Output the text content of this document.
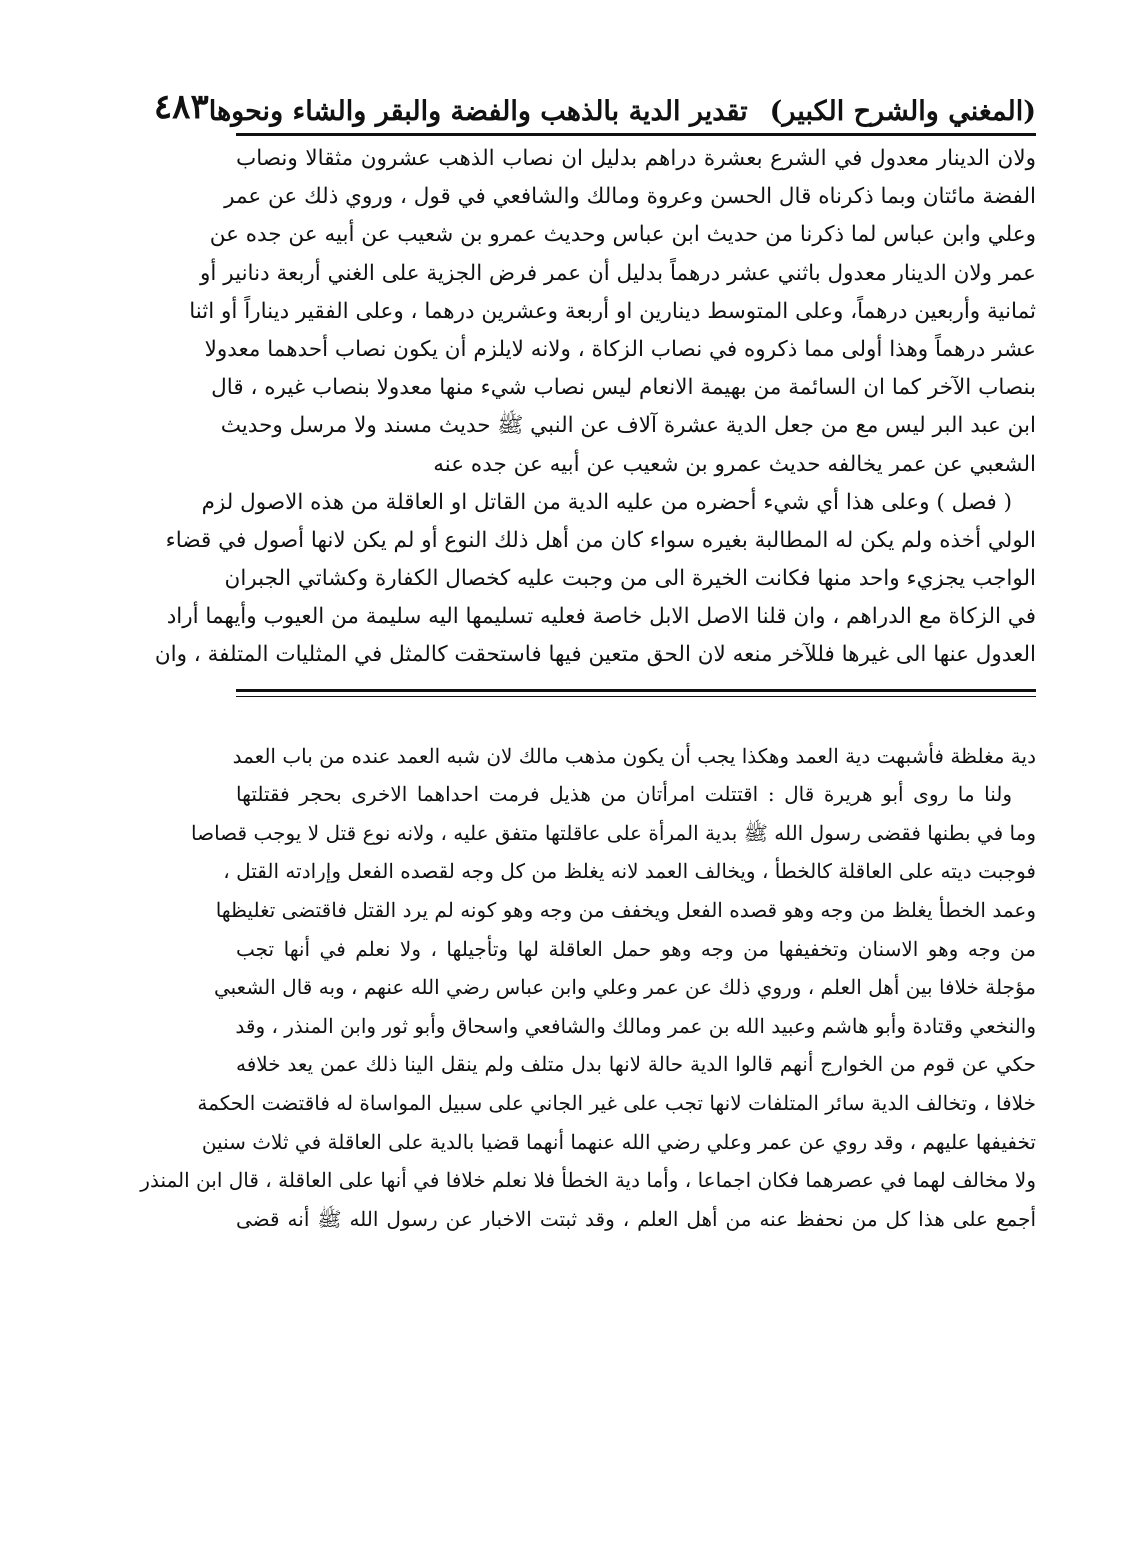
(المغني والشرح الكبير)
تقدير الدية بالذهب والفضة والبقر والشاء ونحوها
٤٨٣
ولان الدينار معدول في الشرع بعشرة دراهم بدليل ان نصاب الذهب عشرون مثقالا ونصاب
الفضة مائتان وبما ذكرناه قال الحسن وعروة ومالك والشافعي في قول ، وروي ذلك عن عمر
وعلي وابن عباس لما ذكرنا من حديث ابن عباس وحديث عمرو بن شعيب عن أبيه عن جده عن
عمر ولان الدينار معدول باثني عشر درهماً بدليل أن عمر فرض الجزية على الغني أربعة دنانير أو
ثمانية وأربعين درهماً، وعلى المتوسط دينارين او أربعة وعشرين درهما ، وعلى الفقير ديناراً أو اثنا
عشر درهماً وهذا أولى مما ذكروه في نصاب الزكاة ، ولانه لايلزم أن يكون نصاب أحدهما معدولا
بنصاب الآخر كما ان السائمة من بهيمة الانعام ليس نصاب شيء منها معدولا بنصاب غيره ، قال
ابن عبد البر ليس مع من جعل الدية عشرة آلاف عن النبي ﷺ حديث مسند ولا مرسل وحديث
الشعبي عن عمر يخالفه حديث عمرو بن شعيب عن أبيه عن جده عنه
( فصل ) وعلى هذا أي شيء أحضره من عليه الدية من القاتل او العاقلة من هذه الاصول لزم
الولي أخذه ولم يكن له المطالبة بغيره سواء كان من أهل ذلك النوع أو لم يكن لانها أصول في قضاء
الواجب يجزيء واحد منها فكانت الخيرة الى من وجبت عليه كخصال الكفارة وكشاتي الجبران
في الزكاة مع الدراهم ، وان قلنا الاصل الابل خاصة فعليه تسليمها اليه سليمة من العيوب وأيهما أراد
العدول عنها الى غيرها فللآخر منعه لان الحق متعين فيها فاستحقت كالمثل في المثليات المتلفة ، وان
دية مغلظة فأشبهت دية العمد وهكذا يجب أن يكون مذهب مالك لان شبه العمد عنده من باب العمد
ولنا ما روى أبو هريرة قال : اقتتلت امرأتان من هذيل فرمت احداهما الاخرى بحجر فقتلتها
وما في بطنها فقضى رسول الله ﷺ بدية المرأة على عاقلتها متفق عليه ، ولانه نوع قتل لا يوجب قصاصا
فوجبت ديته على العاقلة كالخطأ ، ويخالف العمد لانه يغلظ من كل وجه لقصده الفعل وإرادته القتل ،
وعمد الخطأ يغلظ من وجه وهو قصده الفعل ويخفف من وجه وهو كونه لم يرد القتل فاقتضى تغليظها
من وجه وهو الاسنان وتخفيفها من وجه وهو حمل العاقلة لها وتأجيلها ، ولا نعلم في أنها تجب
مؤجلة خلافا بين أهل العلم ، وروي ذلك عن عمر وعلي وابن عباس رضي الله عنهم ، وبه قال الشعبي
والنخعي وقتادة وأبو هاشم وعبيد الله بن عمر ومالك والشافعي واسحاق وأبو ثور وابن المنذر ، وقد
حكي عن قوم من الخوارج أنهم قالوا الدية حالة لانها بدل متلف ولم ينقل الينا ذلك عمن يعد خلافه
خلافا ، وتخالف الدية سائر المتلفات لانها تجب على غير الجاني على سبيل المواساة له فاقتضت الحكمة
تخفيفها عليهم ، وقد روي عن عمر وعلي رضي الله عنهما أنهما قضيا بالدية على العاقلة في ثلاث سنين
ولا مخالف لهما في عصرهما فكان اجماعا ، وأما دية الخطأ فلا نعلم خلافا في أنها على العاقلة ، قال ابن المنذر
أجمع على هذا كل من نحفظ عنه من أهل العلم ، وقد ثبتت الاخبار عن رسول الله ﷺ أنه قضى
